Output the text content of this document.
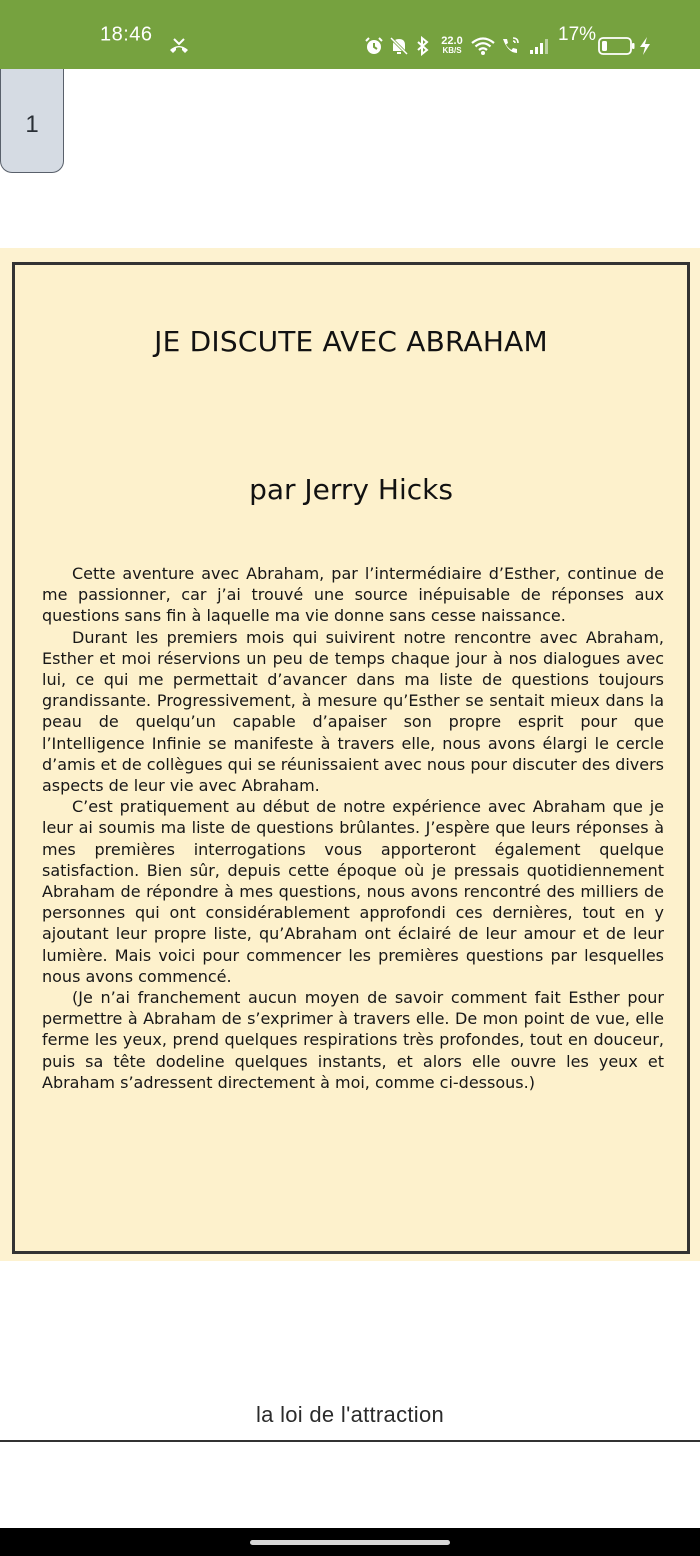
18:46	22.0
KB/S
17%
1
JE DISCUTE AVEC ABRAHAM
par Jerry Hicks

Cette aventure avec Abraham, par l’intermédiaire d’Esther, continue de me passionner, car j’ai trouvé une source inépuisable de réponses aux questions sans fin à laquelle ma vie donne sans cesse naissance.

Durant les premiers mois qui suivirent notre rencontre avec Abraham, Esther et moi réservions un peu de temps chaque jour à nos dialogues avec lui, ce qui me permettait d’avancer dans ma liste de questions toujours grandissante. Progressivement, à mesure qu’Esther se sentait mieux dans la peau de quelqu’un capable d’apaiser son propre esprit pour que l’Intelligence Infinie se manifeste à travers elle, nous avons élargi le cercle d’amis et de collègues qui se réunissaient avec nous pour discuter des divers aspects de leur vie avec Abraham.

C’est pratiquement au début de notre expérience avec Abraham que je leur ai soumis ma liste de questions brûlantes. J’espère que leurs réponses à mes premières interrogations vous apporteront également quelque satisfaction. Bien sûr, depuis cette époque où je pressais quotidiennement Abraham de répondre à mes questions, nous avons rencontré des milliers de personnes qui ont considérablement approfondi ces dernières, tout en y ajoutant leur propre liste, qu’Abraham ont éclairé de leur amour et de leur lumière. Mais voici pour commencer les premières questions par lesquelles nous avons commencé.

(Je n’ai franchement aucun moyen de savoir comment fait Esther pour permettre à Abraham de s’exprimer à travers elle. De mon point de vue, elle ferme les yeux, prend quelques respirations très profondes, tout en douceur, puis sa tête dodeline quelques instants, et alors elle ouvre les yeux et Abraham s’adressent directement à moi, comme ci-dessous.)

la loi de l'attraction
